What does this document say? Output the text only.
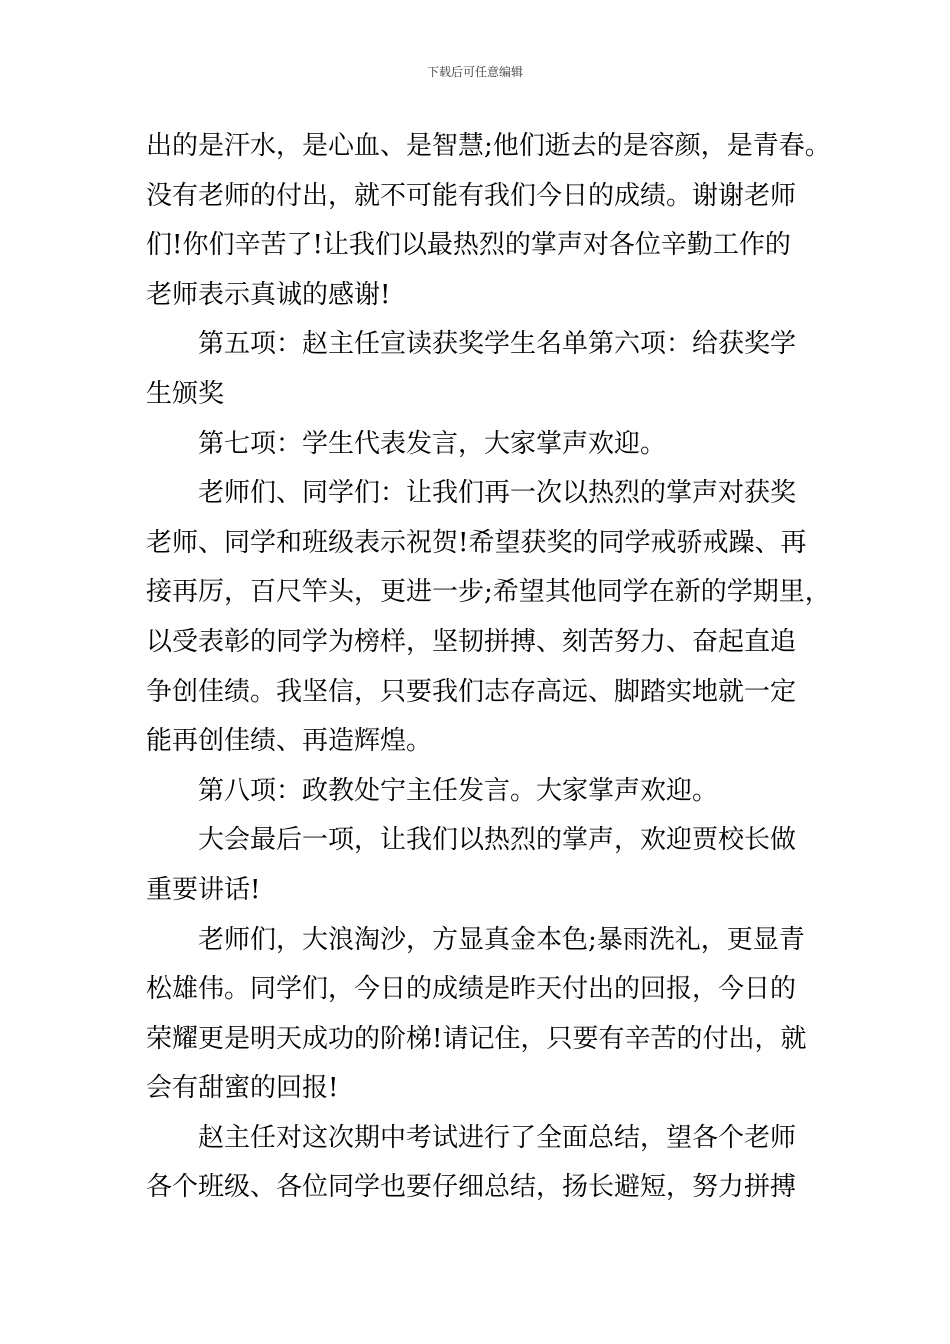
下载后可任意编辑

出的是汗水，是心血、是智慧;他们逝去的是容颜，是青春。
没有老师的付出，就不可能有我们今日的成绩。谢谢老师
们!你们辛苦了!让我们以最热烈的掌声对各位辛勤工作的
老师表示真诚的感谢!

第五项：赵主任宣读获奖学生名单第六项：给获奖学
生颁奖

第七项：学生代表发言，大家掌声欢迎。

老师们、同学们：让我们再一次以热烈的掌声对获奖
老师、同学和班级表示祝贺!希望获奖的同学戒骄戒躁、再
接再厉，百尺竿头，更进一步;希望其他同学在新的学期里，
以受表彰的同学为榜样，坚韧拼搏、刻苦努力、奋起直追
争创佳绩。我坚信，只要我们志存高远、脚踏实地就一定
能再创佳绩、再造辉煌。

第八项：政教处宁主任发言。大家掌声欢迎。

大会最后一项，让我们以热烈的掌声，欢迎贾校长做
重要讲话!

老师们，大浪淘沙，方显真金本色;暴雨洗礼，更显青
松雄伟。同学们，今日的成绩是昨天付出的回报，今日的
荣耀更是明天成功的阶梯!请记住，只要有辛苦的付出，就
会有甜蜜的回报!

赵主任对这次期中考试进行了全面总结，望各个老师
各个班级、各位同学也要仔细总结，扬长避短，努力拼搏
